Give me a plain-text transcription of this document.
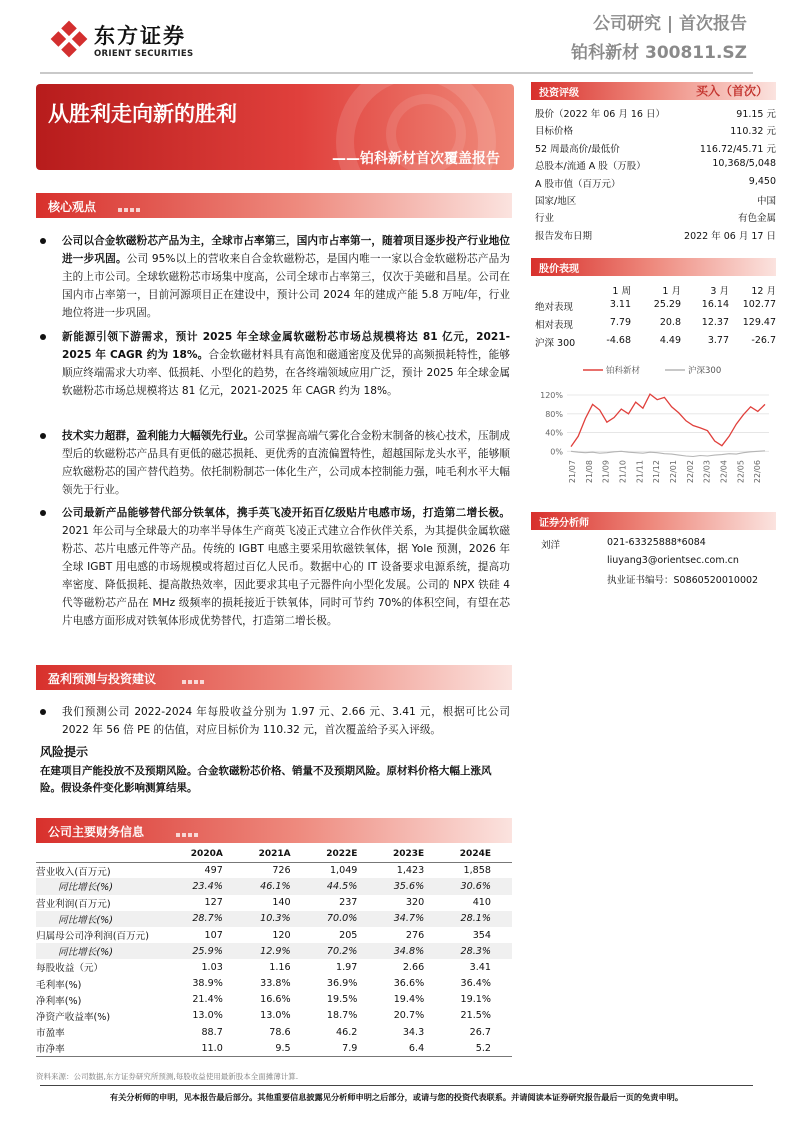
东方证券
ORIENT SECURITIES
公司研究 | 首次报告
铂科新材 300811.SZ
从胜利走向新的胜利
——铂科新材首次覆盖报告
核心观点
公司以合金软磁粉芯产品为主，全球市占率第三，国内市占率第一，随着项目逐步投产行业地位进一步巩固。公司 95%以上的营收来自合金软磁粉芯，是国内唯一一家以合金软磁粉芯产品为主的上市公司。全球软磁粉芯市场集中度高，公司全球市占率第三，仅次于美磁和昌星。公司在国内市占率第一，目前河源项目正在建设中，预计公司 2024 年的建成产能 5.8 万吨/年，行业地位将进一步巩固。
新能源引领下游需求，预计 2025 年全球金属软磁粉芯市场总规模将达 81 亿元，2021-2025 年 CAGR 约为 18%。合金软磁材料具有高饱和磁通密度及优异的高频损耗特性，能够顺应终端需求大功率、低损耗、小型化的趋势，在各终端领域应用广泛，预计 2025 年全球金属软磁粉芯市场总规模将达 81 亿元，2021-2025 年 CAGR 约为 18%。
技术实力超群，盈利能力大幅领先行业。公司掌握高端气雾化合金粉末制备的核心技术，压制成型后的软磁粉芯产品具有更低的磁芯损耗、更优秀的直流偏置特性，超越国际龙头水平，能够顺应软磁粉芯的国产替代趋势。依托制粉制芯一体化生产，公司成本控制能力强，吨毛利水平大幅领先于行业。
公司最新产品能够替代部分铁氧体，携手英飞凌开拓百亿级贴片电感市场，打造第二增长极。2021 年公司与全球最大的功率半导体生产商英飞凌正式建立合作伙伴关系，为其提供金属软磁粉芯、芯片电感元件等产品。传统的 IGBT 电感主要采用软磁铁氧体，据 Yole 预测，2026 年全球 IGBT 用电感的市场规模或将超过百亿人民币。数据中心的 IT 设备要求电源系统，提高功率密度、降低损耗、提高散热效率，因此要求其电子元器件向小型化发展。公司的 NPX 铁硅 4 代等磁粉芯产品在 MHz 级频率的损耗接近于铁氧体，同时可节约 70%的体积空间，有望在芯片电感方面形成对铁氧体形成优势替代，打造第二增长极。
盈利预测与投资建议
我们预测公司 2022-2024 年每股收益分别为 1.97 元、2.66 元、3.41 元，根据可比公司 2022 年 56 倍 PE 的估值，对应目标价为 110.32 元，首次覆盖给予买入评级。
风险提示
在建项目产能投放不及预期风险。合金软磁粉芯价格、销量不及预期风险。原材料价格大幅上涨风险。假设条件变化影响测算结果。
公司主要财务信息
	2020A	2021A	2022E	2023E	2024E
营业收入(百万元)	497	726	1,049	1,423	1,858
同比增长(%)	23.4%	46.1%	44.5%	35.6%	30.6%
营业利润(百万元)	127	140	237	320	410
同比增长(%)	28.7%	10.3%	70.0%	34.7%	28.1%
归属母公司净利润(百万元)	107	120	205	276	354
同比增长(%)	25.9%	12.9%	70.2%	34.8%	28.3%
每股收益（元）	1.03	1.16	1.97	2.66	3.41
毛利率(%)	38.9%	33.8%	36.9%	36.6%	36.4%
净利率(%)	21.4%	16.6%	19.5%	19.4%	19.1%
净资产收益率(%)	13.0%	13.0%	18.7%	20.7%	21.5%
市盈率	88.7	78.6	46.2	34.3	26.7
市净率	11.0	9.5	7.9	6.4	5.2
资料来源：公司数据,东方证券研究所预测,每股收益使用最新股本全面摊薄计算.
投资评级	买入（首次）
股价（2022 年 06 月 16 日）	91.15 元
目标价格	110.32 元
52 周最高价/最低价	116.72/45.71 元
总股本/流通 A 股（万股）	10,368/5,048
A 股市值（百万元）	9,450
国家/地区	中国
行业	有色金属
报告发布日期	2022 年 06 月 17 日
股价表现
1 周	1 月	3 月	12 月
绝对表现	3.11	25.29	16.14	102.77
相对表现	7.79	20.8	12.37	129.47
沪深 300	-4.68	4.49	3.77	-26.7
铂科新材	沪深300
120%
80%
40%
0%
21/07 21/08 21/09 21/10 21/11 21/12 22/01 22/02 22/03 22/04 22/05 22/06
证券分析师
刘洋	021-63325888*6084
liuyang3@orientsec.com.cn
执业证书编号：S0860520010002
有关分析师的申明，见本报告最后部分。其他重要信息披露见分析师申明之后部分，或请与您的投资代表联系。并请阅读本证券研究报告最后一页的免责申明。
